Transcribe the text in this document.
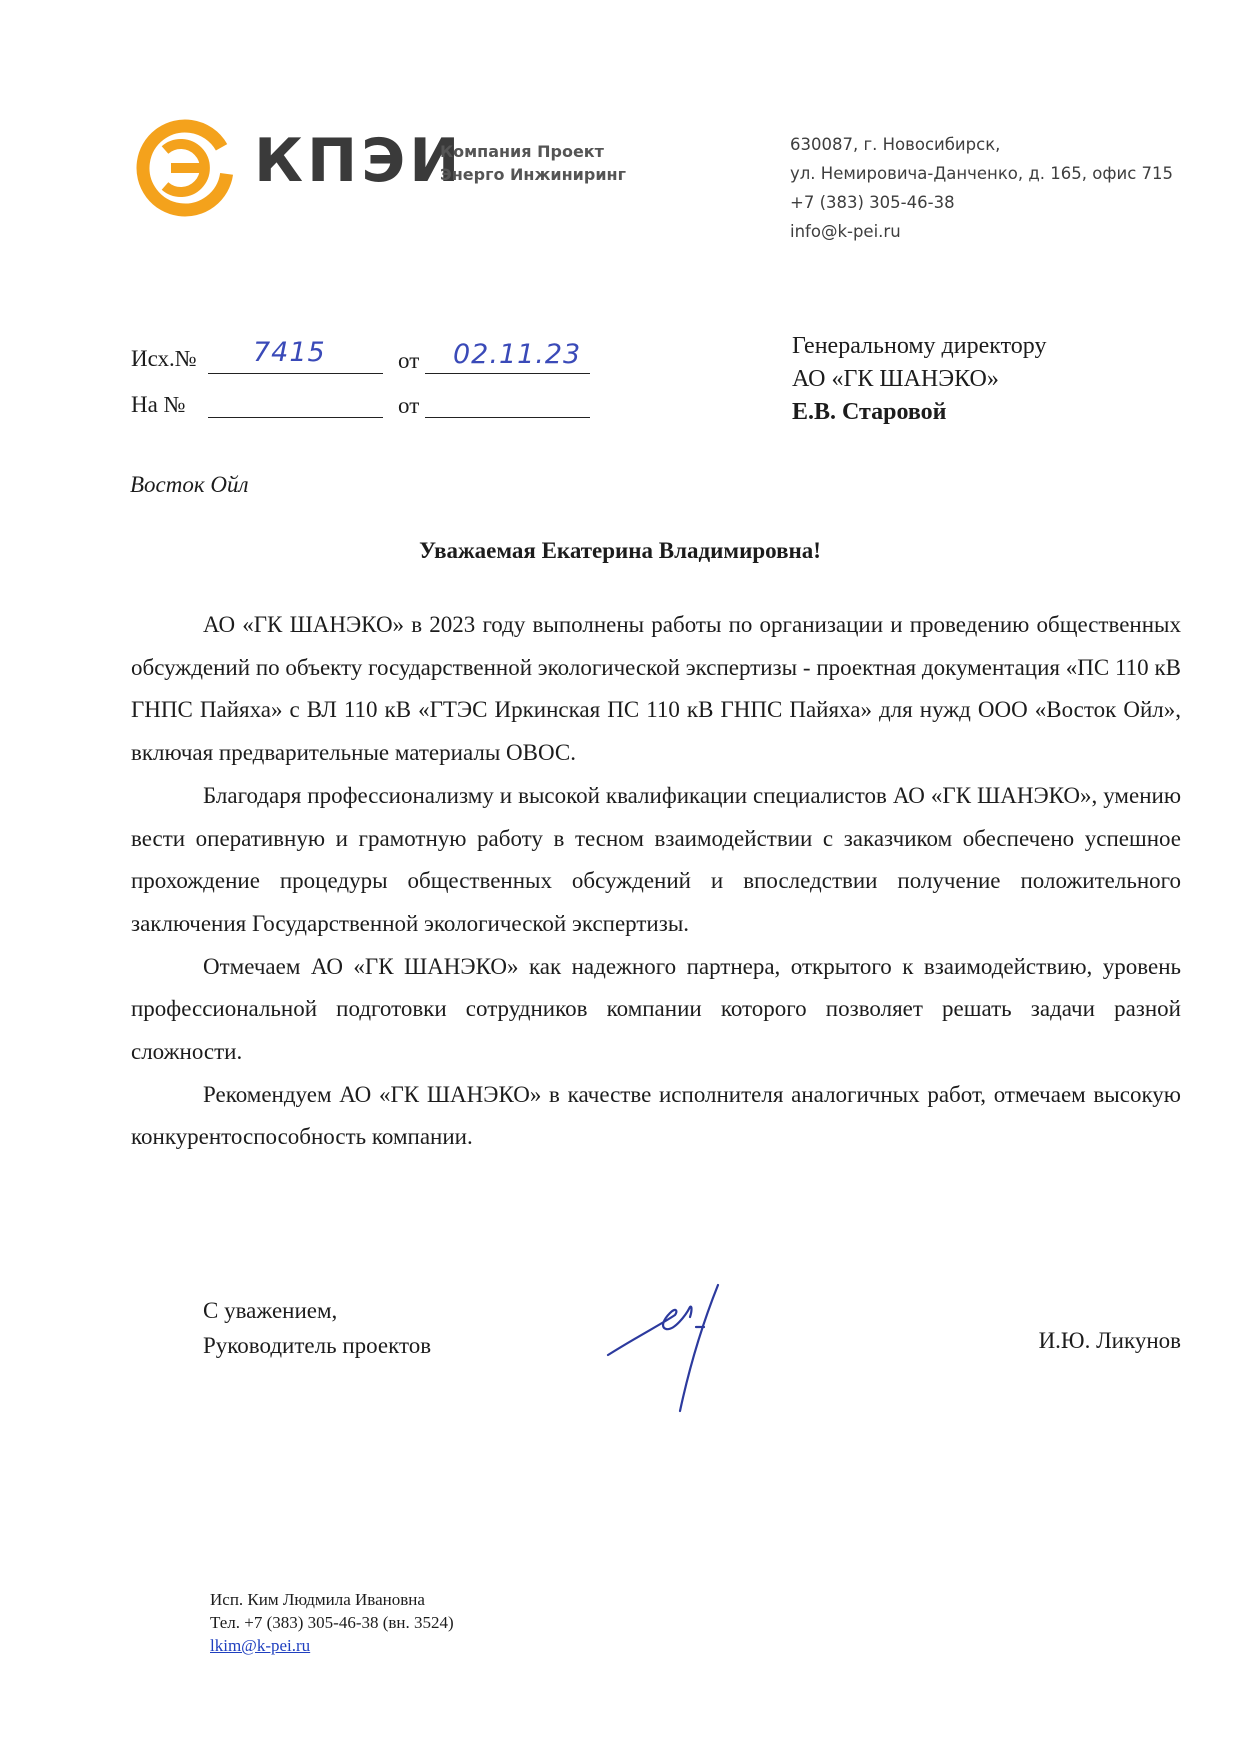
КПЭИ
Компания Проект
Энерго Инжиниринг
630087, г. Новосибирск,
ул. Немировича-Данченко, д. 165, офис 715
+7 (383) 305-46-38
info@k-pei.ru
Исх.№ 7415	от 02.11.23
На №	от
Генеральному директору
АО «ГК ШАНЭКО»
Е.В. Старовой
Восток Ойл
Уважаемая Екатерина Владимировна!

АО «ГК ШАНЭКО» в 2023 году выполнены работы по организации и проведению общественных обсуждений по объекту государственной экологической экспертизы - проектная документация «ПС 110 кВ ГНПС Пайяха» с ВЛ 110 кВ «ГТЭС Иркинская ПС 110 кВ ГНПС Пайяха» для нужд ООО «Восток Ойл», включая предварительные материалы ОВОС.

Благодаря профессионализму и высокой квалификации специалистов АО «ГК ШАНЭКО», умению вести оперативную и грамотную работу в тесном взаимодействии с заказчиком обеспечено успешное прохождение процедуры общественных обсуждений и впоследствии получение положительного заключения Государственной экологической экспертизы.

Отмечаем АО «ГК ШАНЭКО» как надежного партнера, открытого к взаимодействию, уровень профессиональной подготовки сотрудников компании которого позволяет решать задачи разной сложности.

Рекомендуем АО «ГК ШАНЭКО» в качестве исполнителя аналогичных работ, отмечаем высокую конкурентоспособность компании.

С уважением,
Руководитель проектов	И.Ю. Ликунов
Исп. Ким Людмила Ивановна
Тел. +7 (383) 305-46-38 (вн. 3524)
lkim@k-pei.ru
